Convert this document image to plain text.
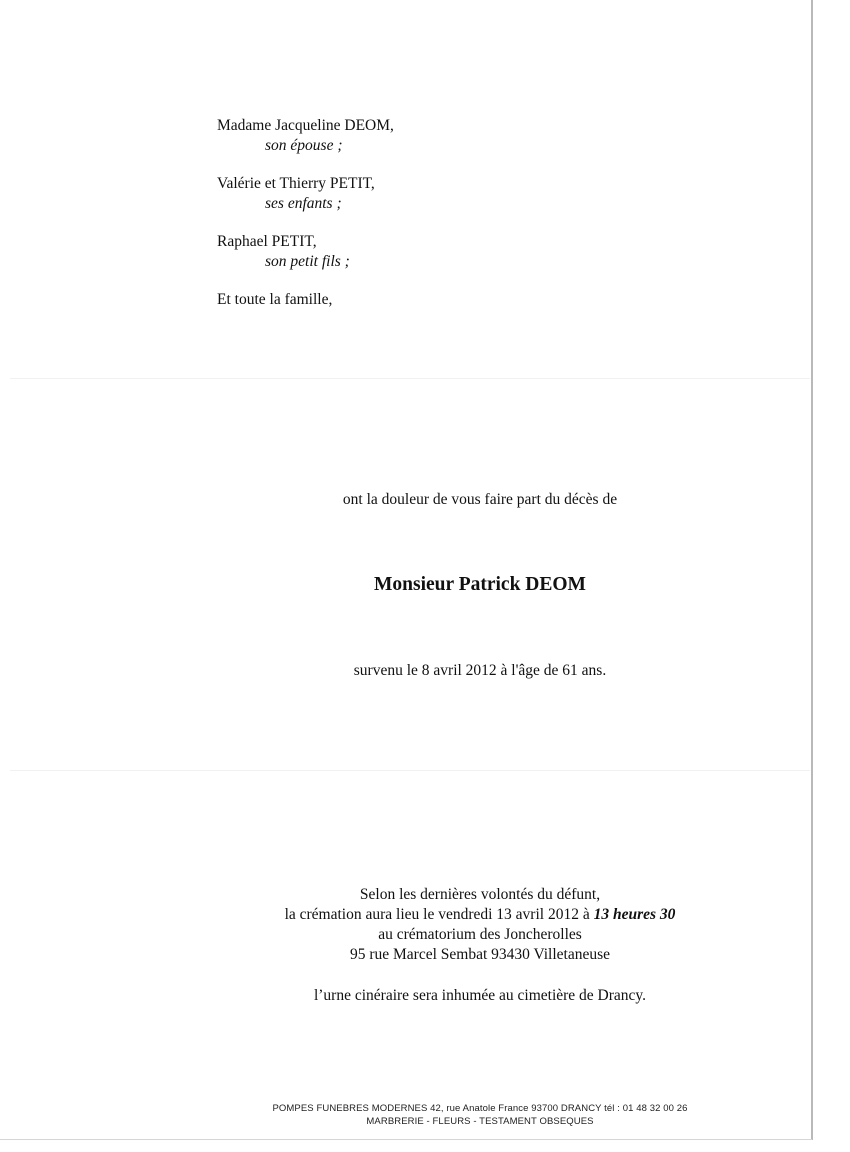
Madame Jacqueline DEOM,
son épouse ;
Valérie et Thierry PETIT,
ses enfants ;
Raphael PETIT,
son petit fils ;
Et toute la famille,
ont la douleur de vous faire part du décès de
Monsieur Patrick DEOM
survenu le 8 avril 2012 à l'âge de 61 ans.
Selon les dernières volontés du défunt,
la crémation aura lieu le vendredi 13 avril 2012 à 13 heures 30
au crématorium des Joncherolles
95 rue Marcel Sembat 93430 Villetaneuse
l’urne cinéraire sera inhumée au cimetière de Drancy.
POMPES FUNEBRES MODERNES 42, rue Anatole France 93700 DRANCY tél : 01 48 32 00 26
MARBRERIE - FLEURS - TESTAMENT OBSEQUES
